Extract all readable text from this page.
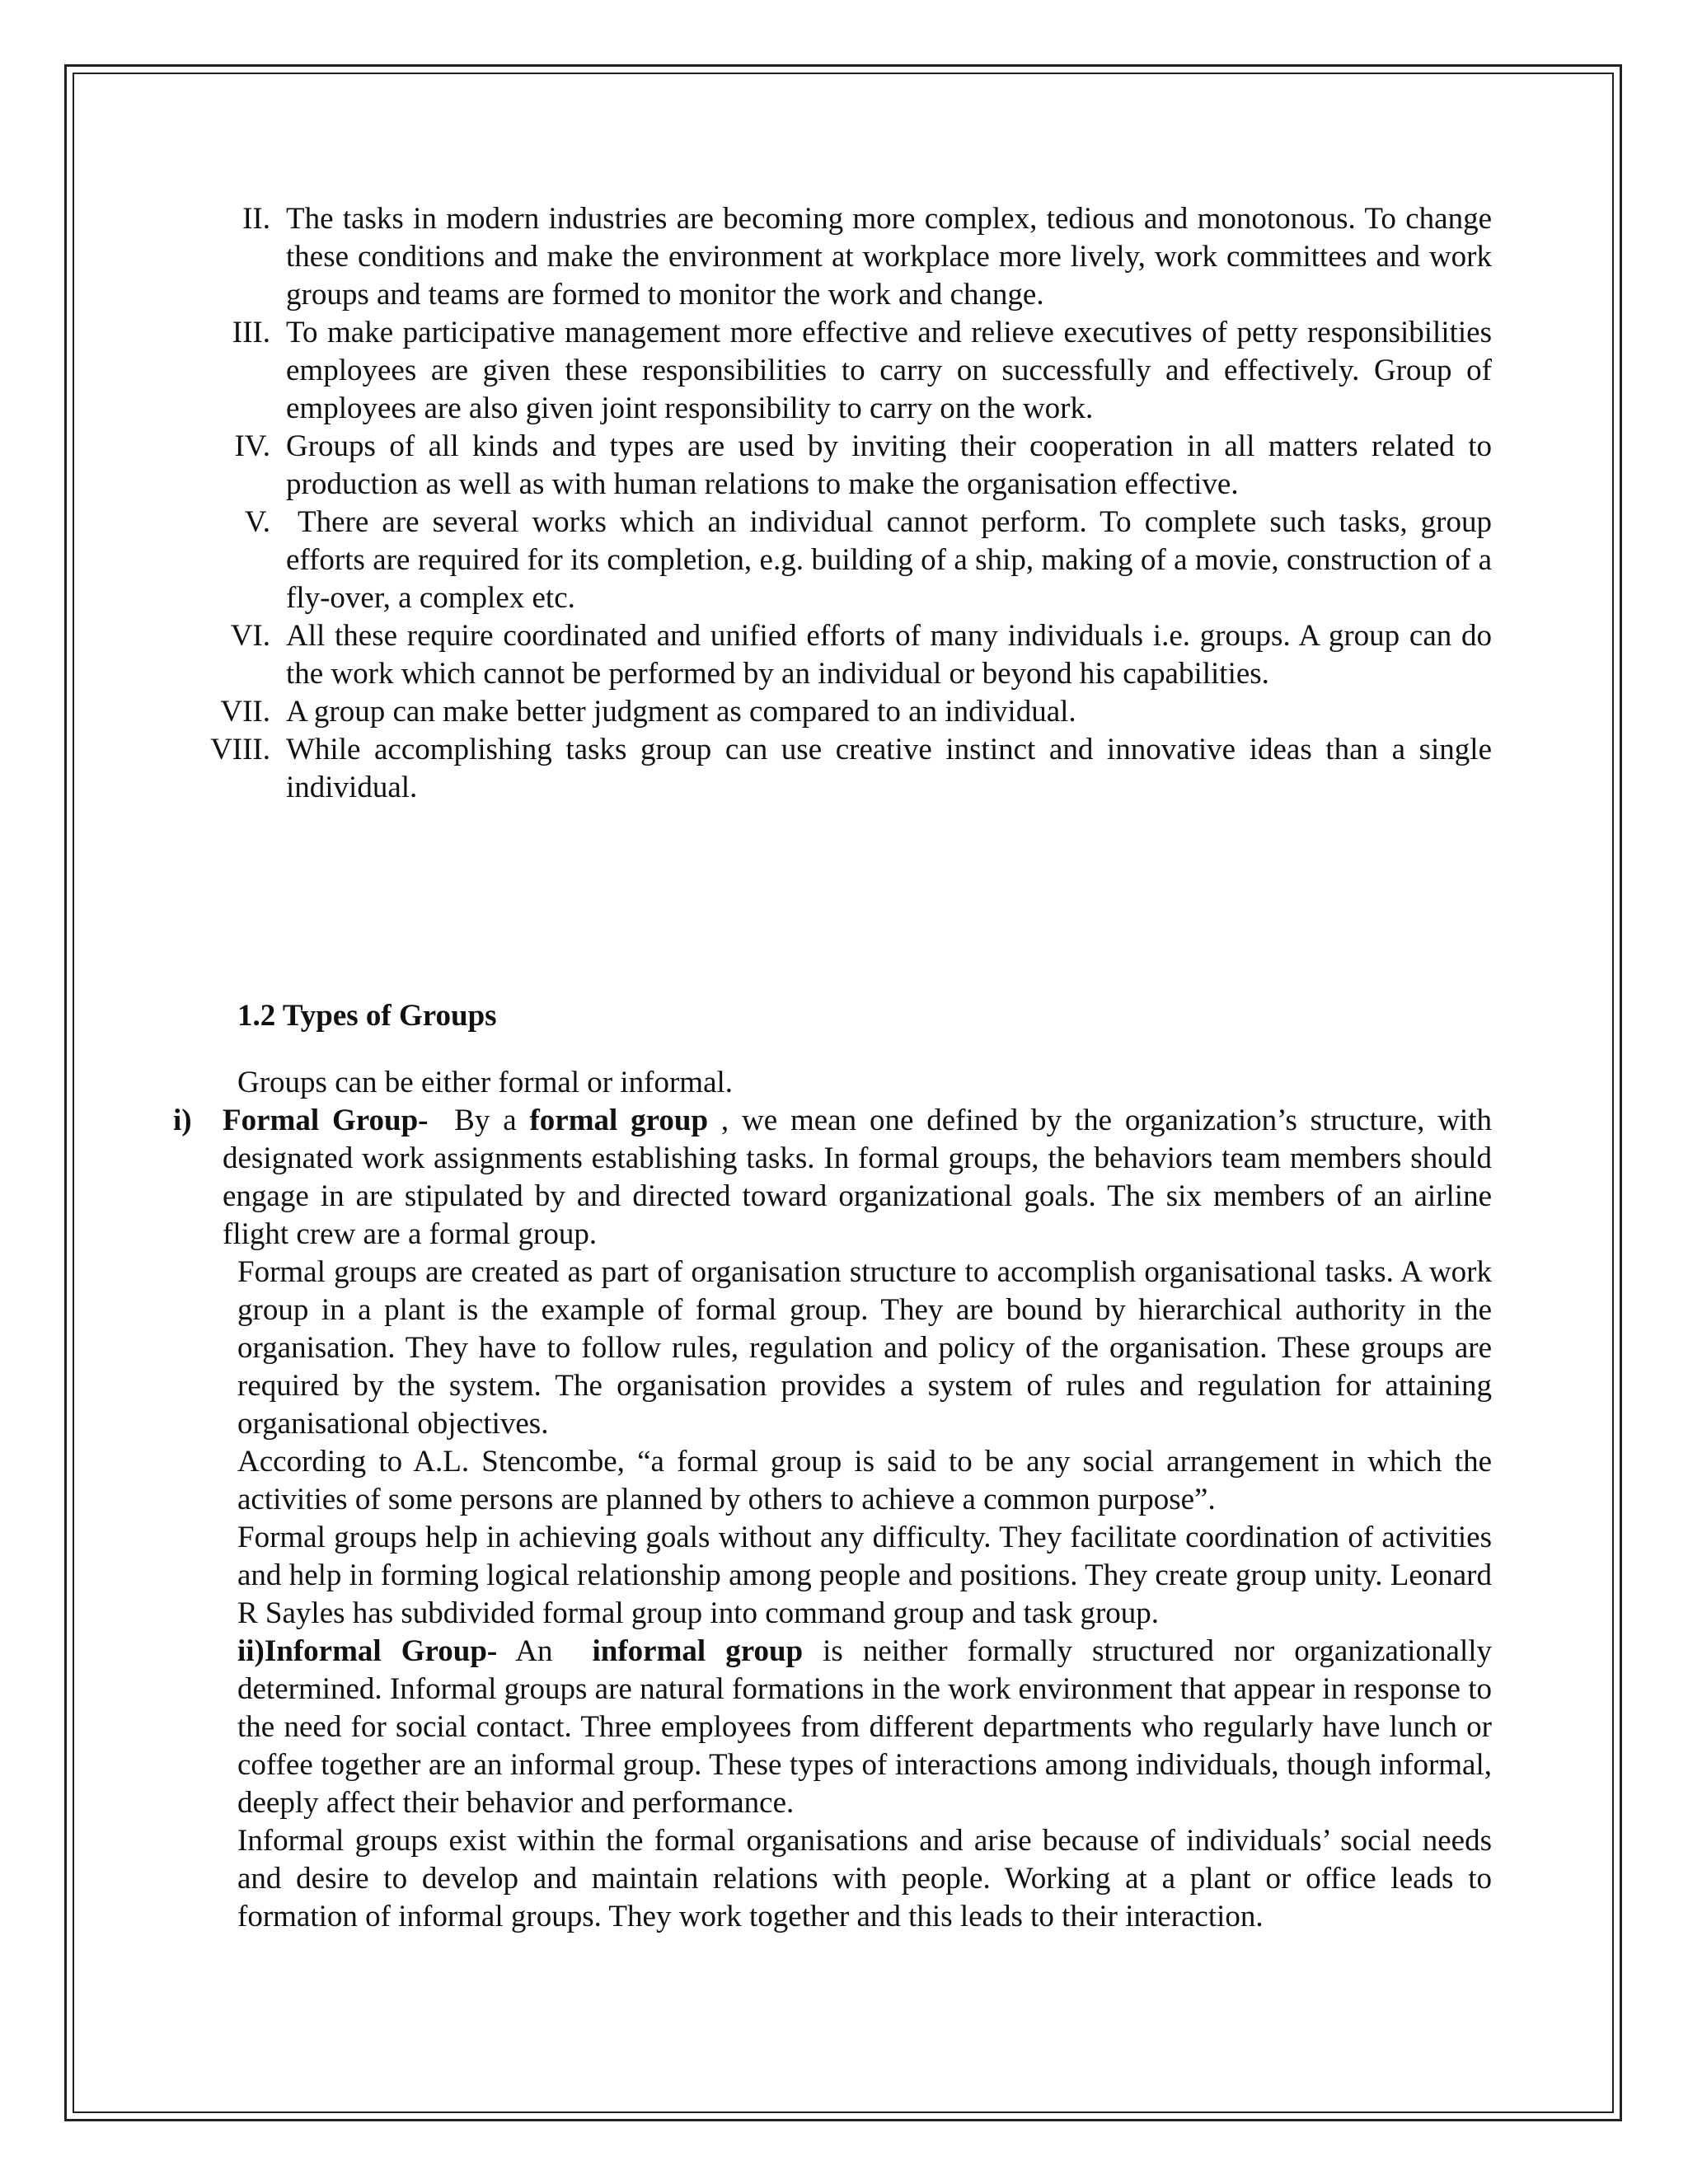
II. The tasks in modern industries are becoming more complex, tedious and monotonous. To change these conditions and make the environment at workplace more lively, work committees and work groups and teams are formed to monitor the work and change.
III. To make participative management more effective and relieve executives of petty responsibilities employees are given these responsibilities to carry on successfully and effectively. Group of employees are also given joint responsibility to carry on the work.
IV. Groups of all kinds and types are used by inviting their cooperation in all matters related to production as well as with human relations to make the organisation effective.
V. There are several works which an individual cannot perform. To complete such tasks, group efforts are required for its completion, e.g. building of a ship, making of a movie, construction of a fly-over, a complex etc.
VI. All these require coordinated and unified efforts of many individuals i.e. groups. A group can do the work which cannot be performed by an individual or beyond his capabilities.
VII. A group can make better judgment as compared to an individual.
VIII. While accomplishing tasks group can use creative instinct and innovative ideas than a single individual.
1.2 Types of Groups

Groups can be either formal or informal.

i) Formal Group- By a formal group , we mean one defined by the organization’s structure, with designated work assignments establishing tasks. In formal groups, the behaviors team members should engage in are stipulated by and directed toward organizational goals. The six members of an airline flight crew are a formal group.

Formal groups are created as part of organisation structure to accomplish organisational tasks. A work group in a plant is the example of formal group. They are bound by hierarchical authority in the organisation. They have to follow rules, regulation and policy of the organisation. These groups are required by the system. The organisation provides a system of rules and regulation for attaining organisational objectives.

According to A.L. Stencombe, “a formal group is said to be any social arrangement in which the activities of some persons are planned by others to achieve a common purpose”.

Formal groups help in achieving goals without any difficulty. They facilitate coordination of activities and help in forming logical relationship among people and positions. They create group unity. Leonard R Sayles has subdivided formal group into command group and task group.

ii)Informal Group- An informal group is neither formally structured nor organizationally determined. Informal groups are natural formations in the work environment that appear in response to the need for social contact. Three employees from different departments who regularly have lunch or coffee together are an informal group. These types of interactions among individuals, though informal, deeply affect their behavior and performance.

Informal groups exist within the formal organisations and arise because of individuals’ social needs and desire to develop and maintain relations with people. Working at a plant or office leads to formation of informal groups. They work together and this leads to their interaction.
